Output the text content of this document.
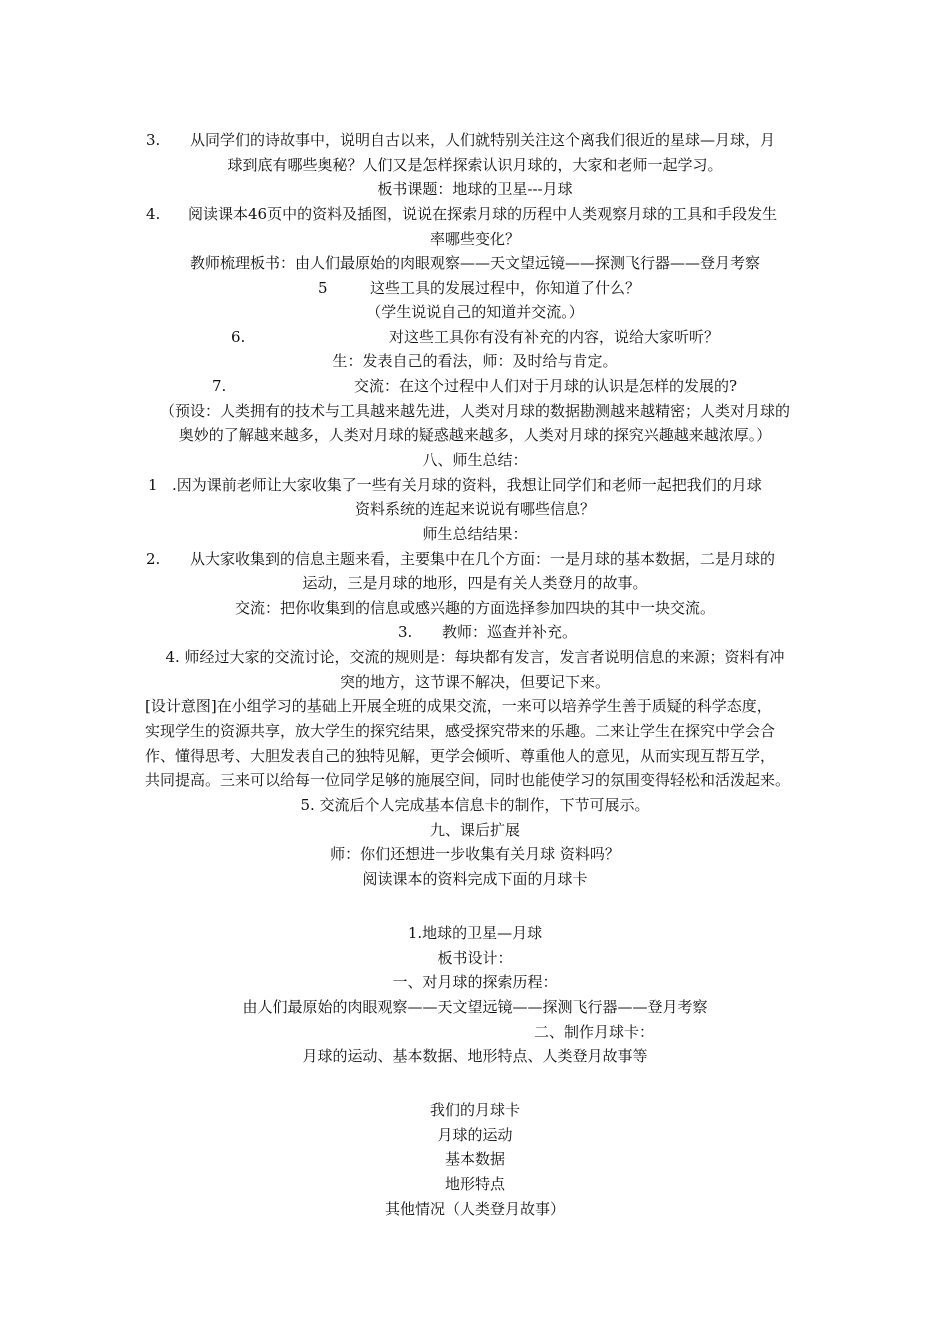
3. 从同学们的诗故事中，说明自古以来，人们就特别关注这个离我们很近的星球—月球，月
球到底有哪些奥秘？人们又是怎样探索认识月球的，大家和老师一起学习。
板书课题：地球的卫星---月球
4. 阅读课本46页中的资料及插图，说说在探索月球的历程中人类观察月球的工具和手段发生
率哪些变化？
教师梳理板书：由人们最原始的肉眼观察——天文望远镜——探测飞行器——登月考察
5	这些工具的发展过程中，你知道了什么？
（学生说说自己的知道并交流。）
6.	对这些工具你有没有补充的内容，说给大家听听？
生：发表自己的看法，师：及时给与肯定。
7.	交流：在这个过程中人们对于月球的认识是怎样的发展的?
（预设：人类拥有的技术与工具越来越先进，人类对月球的数据勘测越来越精密；人类对月球的
奥妙的了解越来越多，人类对月球的疑惑越来越多，人类对月球的探究兴趣越来越浓厚。）
八、师生总结：
1 .因为课前老师让大家收集了一些有关月球的资料，我想让同学们和老师一起把我们的月球
资料系统的连起来说说有哪些信息？
师生总结结果：
2. 从大家收集到的信息主题来看，主要集中在几个方面：一是月球的基本数据，二是月球的
运动，三是月球的地形，四是有关人类登月的故事。
交流：把你收集到的信息或感兴趣的方面选择参加四块的其中一块交流。
3. 教师：巡查并补充。
4. 师经过大家的交流讨论，交流的规则是：每块都有发言，发言者说明信息的来源；资料有冲
突的地方，这节课不解决，但要记下来。
[设计意图]在小组学习的基础上开展全班的成果交流，一来可以培养学生善于质疑的科学态度，
实现学生的资源共享，放大学生的探究结果，感受探究带来的乐趣。二来让学生在探究中学会合
作、懂得思考、大胆发表自己的独特见解，更学会倾听、尊重他人的意见，从而实现互帮互学，
共同提高。三来可以给每一位同学足够的施展空间，同时也能使学习的氛围变得轻松和活泼起来。
5. 交流后个人完成基本信息卡的制作，下节可展示。
九、课后扩展
师：你们还想进一步收集有关月球 资料吗？
阅读课本的资料完成下面的月球卡
1.地球的卫星—月球
板书设计：
一、对月球的探索历程：
由人们最原始的肉眼观察——天文望远镜——探测飞行器——登月考察
二、制作月球卡：
月球的运动、基本数据、地形特点、人类登月故事等
我们的月球卡
月球的运动
基本数据
地形特点
其他情况（人类登月故事）
